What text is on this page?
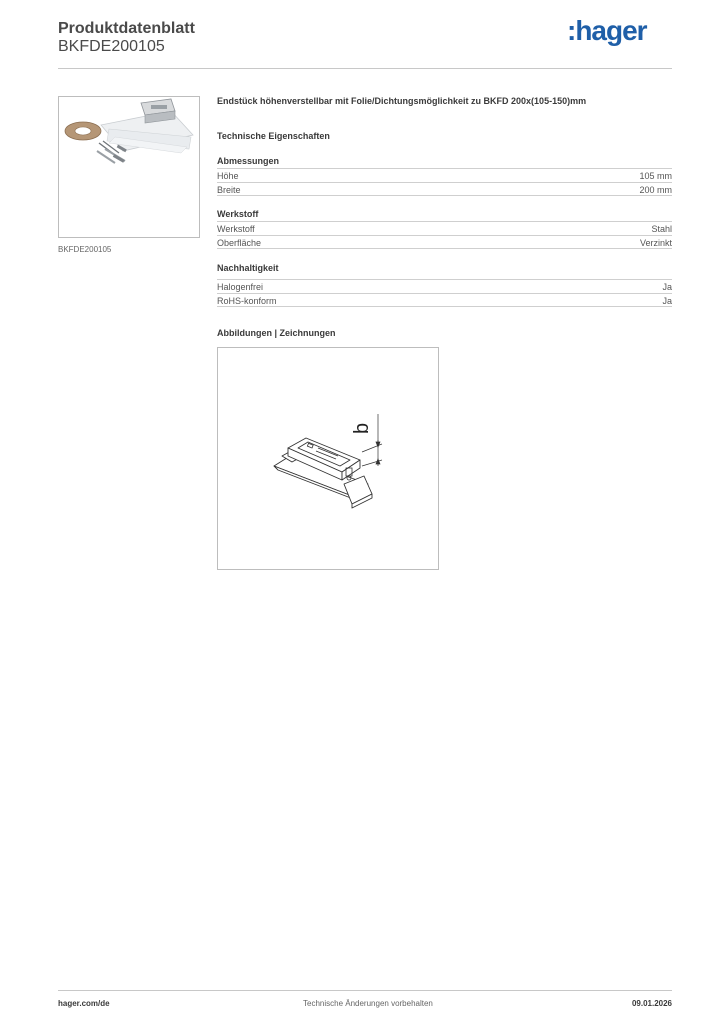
Produktdatenblatt
BKFDE200105
:hager
BKFDE200105
Endstück höhenverstellbar mit Folie/Dichtungsmöglichkeit zu BKFD 200x(105-150)mm
Technische Eigenschaften
Abmessungen
Höhe	105 mm
Breite	200 mm
Werkstoff
Werkstoff	Stahl
Oberfläche	Verzinkt
Nachhaltigkeit
Halogenfrei	Ja
RoHS-konform	Ja
Abbildungen | Zeichnungen
b
hager.com/de	Technische Änderungen vorbehalten	09.01.2026
